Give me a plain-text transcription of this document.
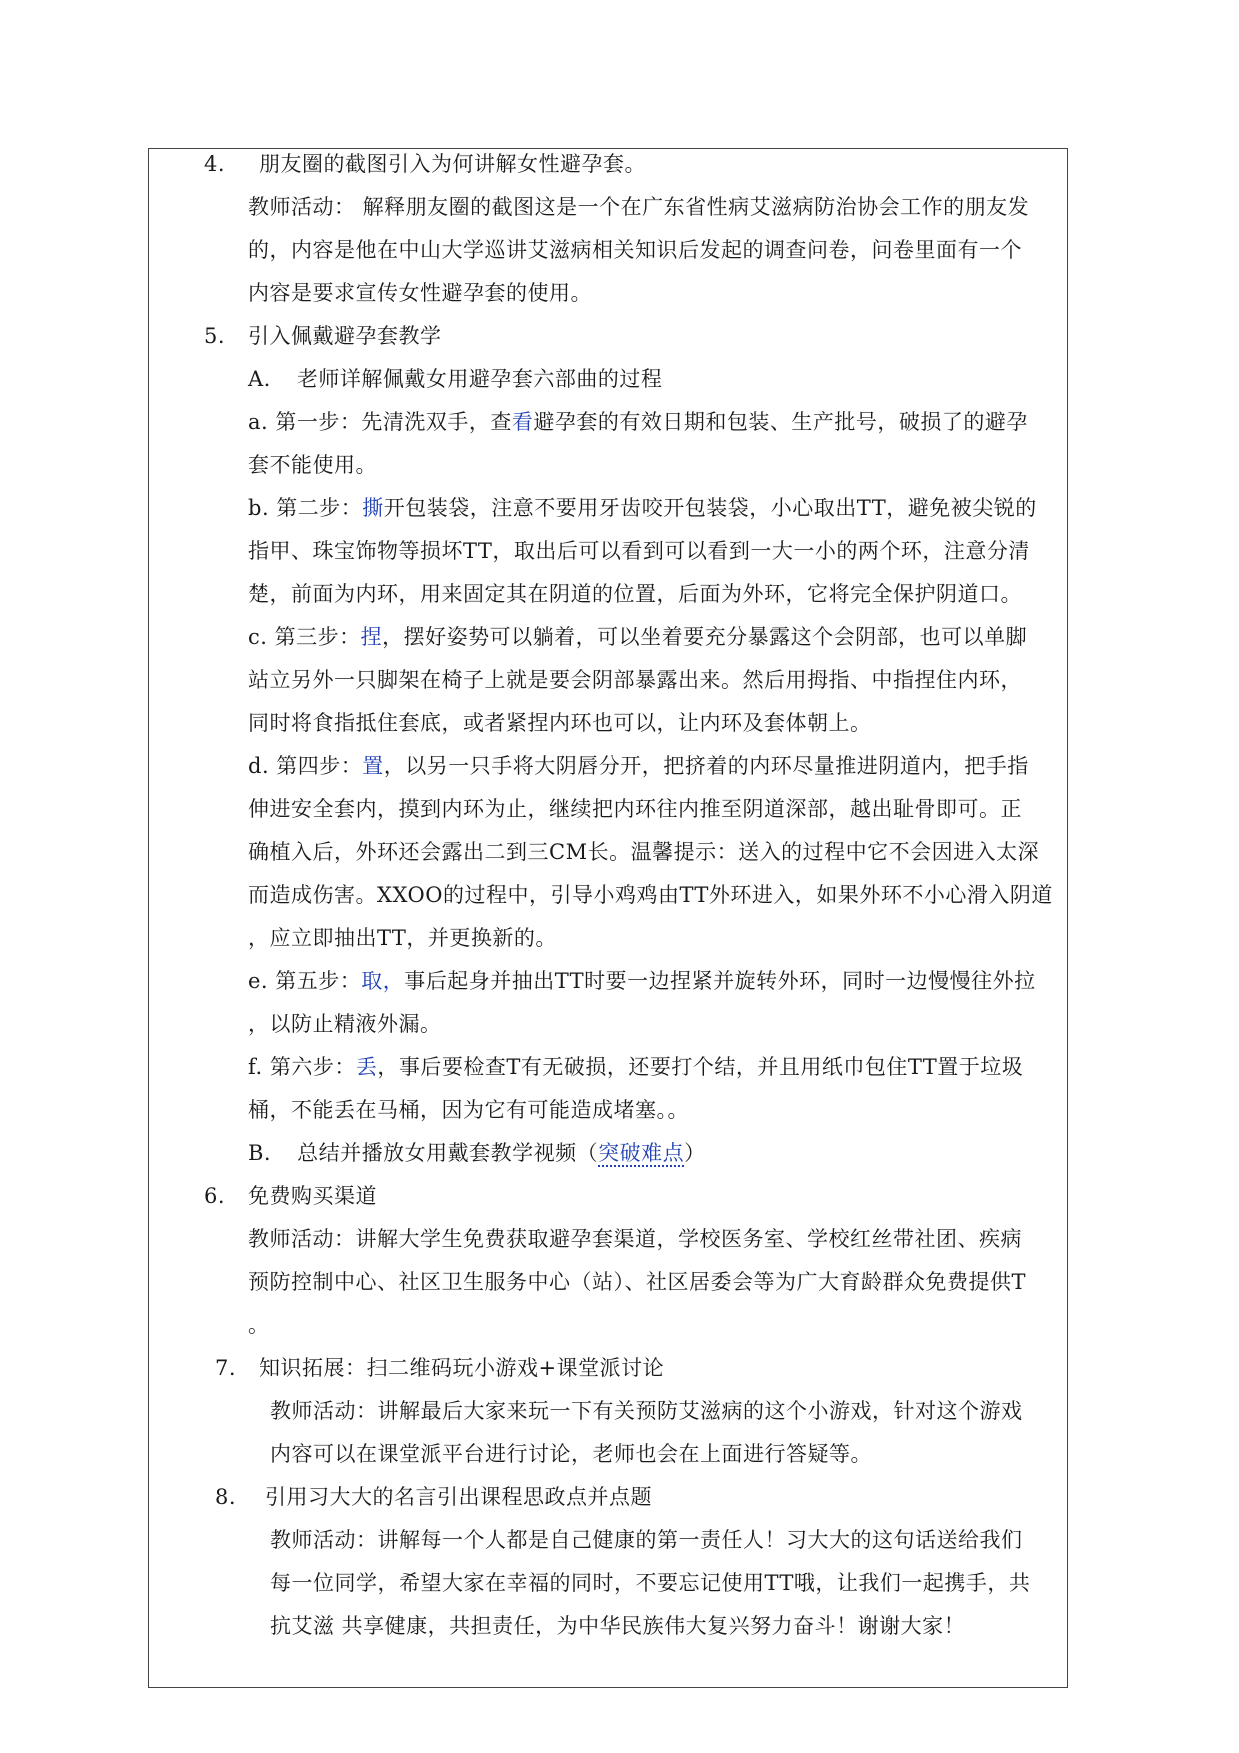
4. 朋友圈的截图引入为何讲解女性避孕套。
教师活动： 解释朋友圈的截图这是一个在广东省性病艾滋病防治协会工作的朋友发
的，内容是他在中山大学巡讲艾滋病相关知识后发起的调查问卷，问卷里面有一个
内容是要求宣传女性避孕套的使用。
5. 引入佩戴避孕套教学
A. 老师详解佩戴女用避孕套六部曲的过程
a. 第一步：先清洗双手，查看避孕套的有效日期和包装、生产批号，破损了的避孕
套不能使用。
b. 第二步：撕开包装袋，注意不要用牙齿咬开包装袋，小心取出TT，避免被尖锐的
指甲、珠宝饰物等损坏TT，取出后可以看到可以看到一大一小的两个环，注意分清
楚，前面为内环，用来固定其在阴道的位置，后面为外环，它将完全保护阴道口。
c. 第三步：捏，摆好姿势可以躺着，可以坐着要充分暴露这个会阴部，也可以单脚
站立另外一只脚架在椅子上就是要会阴部暴露出来。然后用拇指、中指捏住内环，
同时将食指抵住套底，或者紧捏内环也可以，让内环及套体朝上。
d. 第四步：置，以另一只手将大阴唇分开，把挤着的内环尽量推进阴道内，把手指
伸进安全套内，摸到内环为止，继续把内环往内推至阴道深部，越出耻骨即可。正
确植入后，外环还会露出二到三CM长。温馨提示：送入的过程中它不会因进入太深
而造成伤害。XXOO的过程中，引导小鸡鸡由TT外环进入，如果外环不小心滑入阴道
，应立即抽出TT，并更换新的。
e. 第五步：取，事后起身并抽出TT时要一边捏紧并旋转外环，同时一边慢慢往外拉
，以防止精液外漏。
f. 第六步：丢，事后要检查T有无破损，还要打个结，并且用纸巾包住TT置于垃圾
桶，不能丢在马桶，因为它有可能造成堵塞。。
B. 总结并播放女用戴套教学视频（突破难点）
6. 免费购买渠道
教师活动：讲解大学生免费获取避孕套渠道，学校医务室、学校红丝带社团、疾病
预防控制中心、社区卫生服务中心（站）、社区居委会等为广大育龄群众免费提供T
。
7. 知识拓展：扫二维码玩小游戏+课堂派讨论
教师活动：讲解最后大家来玩一下有关预防艾滋病的这个小游戏，针对这个游戏
内容可以在课堂派平台进行讨论，老师也会在上面进行答疑等。
8. 引用习大大的名言引出课程思政点并点题
教师活动：讲解每一个人都是自己健康的第一责任人！习大大的这句话送给我们
每一位同学，希望大家在幸福的同时，不要忘记使用TT哦，让我们一起携手，共
抗艾滋 共享健康，共担责任，为中华民族伟大复兴努力奋斗！谢谢大家！
